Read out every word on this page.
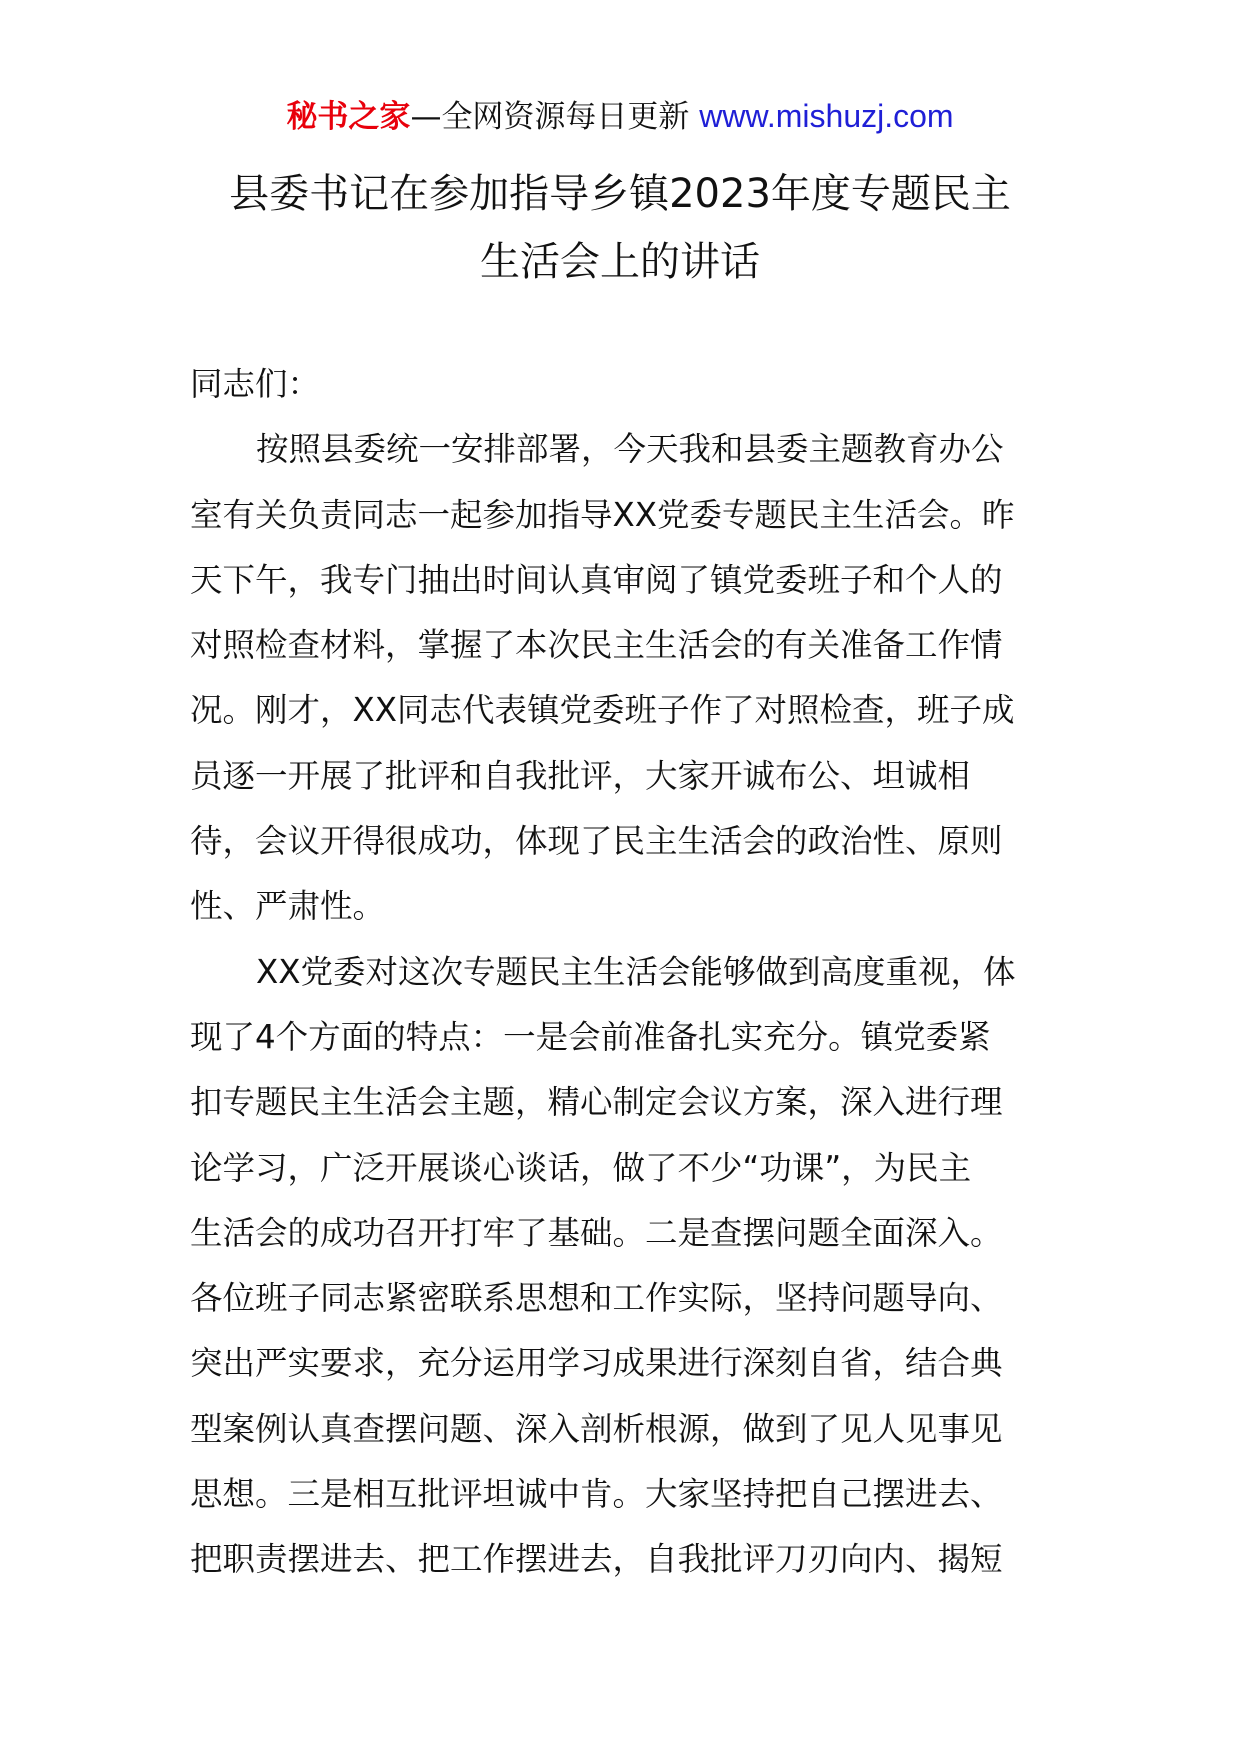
秘书之家—全网资源每日更新 www.mishuzj.com
县委书记在参加指导乡镇2023年度专题民主
生活会上的讲话
同志们：
按照县委统一安排部署，今天我和县委主题教育办公
室有关负责同志一起参加指导XX党委专题民主生活会。昨
天下午，我专门抽出时间认真审阅了镇党委班子和个人的
对照检查材料，掌握了本次民主生活会的有关准备工作情
况。刚才，XX同志代表镇党委班子作了对照检查，班子成
员逐一开展了批评和自我批评，大家开诚布公、坦诚相
待，会议开得很成功，体现了民主生活会的政治性、原则
性、严肃性。
XX党委对这次专题民主生活会能够做到高度重视，体
现了4个方面的特点：一是会前准备扎实充分。镇党委紧
扣专题民主生活会主题，精心制定会议方案，深入进行理
论学习，广泛开展谈心谈话，做了不少“功课”，为民主
生活会的成功召开打牢了基础。二是查摆问题全面深入。
各位班子同志紧密联系思想和工作实际，坚持问题导向、
突出严实要求，充分运用学习成果进行深刻自省，结合典
型案例认真查摆问题、深入剖析根源，做到了见人见事见
思想。三是相互批评坦诚中肯。大家坚持把自己摆进去、
把职责摆进去、把工作摆进去，自我批评刀刃向内、揭短
